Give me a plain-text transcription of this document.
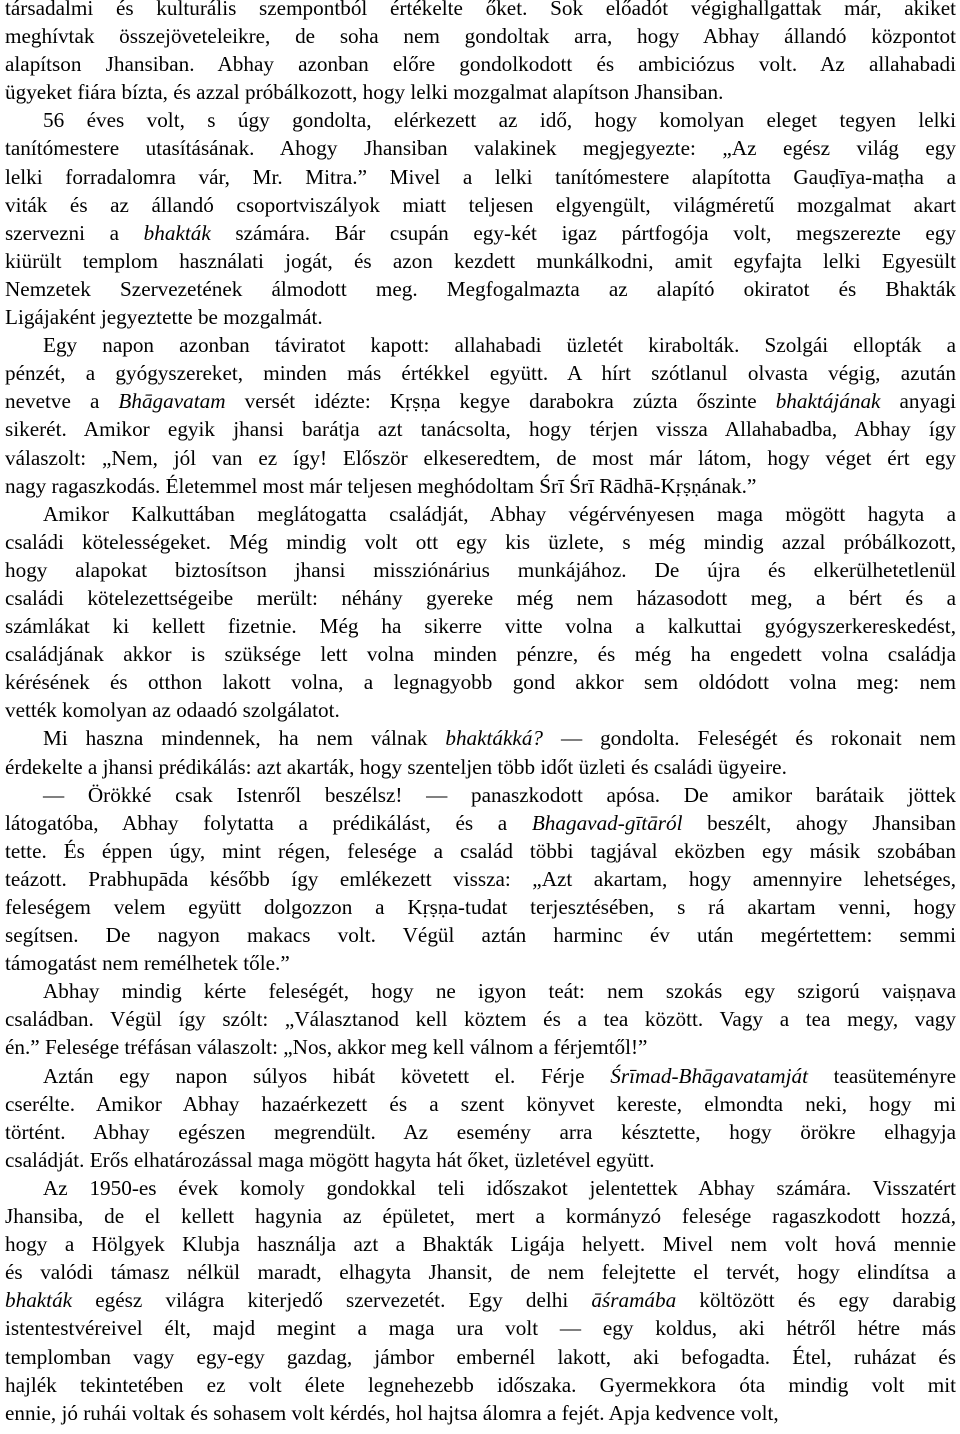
társadalmi és kulturális szempontból értékelte őket. Sok előadót végighallgattak már, akiket
meghívtak összejöveteleikre, de soha nem gondoltak arra, hogy Abhay állandó központot
alapítson Jhansiban. Abhay azonban előre gondolkodott és ambiciózus volt. Az allahabadi
ügyeket fiára bízta, és azzal próbálkozott, hogy lelki mozgalmat alapítson Jhansiban.
56 éves volt, s úgy gondolta, elérkezett az idő, hogy komolyan eleget tegyen lelki
tanítómestere utasításának. Ahogy Jhansiban valakinek megjegyezte: „Az egész világ egy
lelki forradalomra vár, Mr. Mitra.” Mivel a lelki tanítómestere alapította Gauḍīya-maṭha a
viták és az állandó csoportviszályok miatt teljesen elgyengült, világméretű mozgalmat akart
szervezni a bhakták számára. Bár csupán egy-két igaz pártfogója volt, megszerezte egy
kiürült templom használati jogát, és azon kezdett munkálkodni, amit egyfajta lelki Egyesült
Nemzetek Szervezetének álmodott meg. Megfogalmazta az alapító okiratot és Bhakták
Ligájaként jegyeztette be mozgalmát.
Egy napon azonban táviratot kapott: allahabadi üzletét kirabolták. Szolgái ellopták a
pénzét, a gyógyszereket, minden más értékkel együtt. A hírt szótlanul olvasta végig, azután
nevetve a Bhāgavatam versét idézte: Kṛṣṇa kegye darabokra zúzta őszinte bhaktájának anyagi
sikerét. Amikor egyik jhansi barátja azt tanácsolta, hogy térjen vissza Allahabadba, Abhay így
válaszolt: „Nem, jól van ez így! Először elkeseredtem, de most már látom, hogy véget ért egy
nagy ragaszkodás. Életemmel most már teljesen meghódoltam Śrī Śrī Rādhā-Kṛṣṇának.”
Amikor Kalkuttában meglátogatta családját, Abhay végérvényesen maga mögött hagyta a
családi kötelességeket. Még mindig volt ott egy kis üzlete, s még mindig azzal próbálkozott,
hogy alapokat biztosítson jhansi missziónárius munkájához. De újra és elkerülhetetlenül
családi kötelezettségeibe merült: néhány gyereke még nem házasodott meg, a bért és a
számlákat ki kellett fizetnie. Még ha sikerre vitte volna a kalkuttai gyógyszerkereskedést,
családjának akkor is szüksége lett volna minden pénzre, és még ha engedett volna családja
kérésének és otthon lakott volna, a legnagyobb gond akkor sem oldódott volna meg: nem
vették komolyan az odaadó szolgálatot.
Mi haszna mindennek, ha nem válnak bhaktákká? — gondolta. Feleségét és rokonait nem
érdekelte a jhansi prédikálás: azt akarták, hogy szenteljen több időt üzleti és családi ügyeire.
— Örökké csak Istenről beszélsz! — panaszkodott apósa. De amikor barátaik jöttek
látogatóba, Abhay folytatta a prédikálást, és a Bhagavad-gītāról beszélt, ahogy Jhansiban
tette. És éppen úgy, mint régen, felesége a család többi tagjával eközben egy másik szobában
teázott. Prabhupāda később így emlékezett vissza: „Azt akartam, hogy amennyire lehetséges,
feleségem velem együtt dolgozzon a Kṛṣṇa-tudat terjesztésében, s rá akartam venni, hogy
segítsen. De nagyon makacs volt. Végül aztán harminc év után megértettem: semmi
támogatást nem remélhetek tőle.”
Abhay mindig kérte feleségét, hogy ne igyon teát: nem szokás egy szigorú vaiṣṇava
családban. Végül így szólt: „Választanod kell köztem és a tea között. Vagy a tea megy, vagy
én.” Felesége tréfásan válaszolt: „Nos, akkor meg kell válnom a férjemtől!”
Aztán egy napon súlyos hibát követett el. Férje Śrīmad-Bhāgavatamját teasüteményre
cserélte. Amikor Abhay hazaérkezett és a szent könyvet kereste, elmondta neki, hogy mi
történt. Abhay egészen megrendült. Az esemény arra késztette, hogy örökre elhagyja
családját. Erős elhatározással maga mögött hagyta hát őket, üzletével együtt.
Az 1950-es évek komoly gondokkal teli időszakot jelentettek Abhay számára. Visszatért
Jhansiba, de el kellett hagynia az épületet, mert a kormányzó felesége ragaszkodott hozzá,
hogy a Hölgyek Klubja használja azt a Bhakták Ligája helyett. Mivel nem volt hová mennie
és valódi támasz nélkül maradt, elhagyta Jhansit, de nem felejtette el tervét, hogy elindítsa a
bhakták egész világra kiterjedő szervezetét. Egy delhi āśramába költözött és egy darabig
istentestvéreivel élt, majd megint a maga ura volt — egy koldus, aki hétről hétre más
templomban vagy egy-egy gazdag, jámbor embernél lakott, aki befogadta. Étel, ruházat és
hajlék tekintetében ez volt élete legnehezebb időszaka. Gyermekkora óta mindig volt mit
ennie, jó ruhái voltak és sohasem volt kérdés, hol hajtsa álomra a fejét. Apja kedvence volt,
